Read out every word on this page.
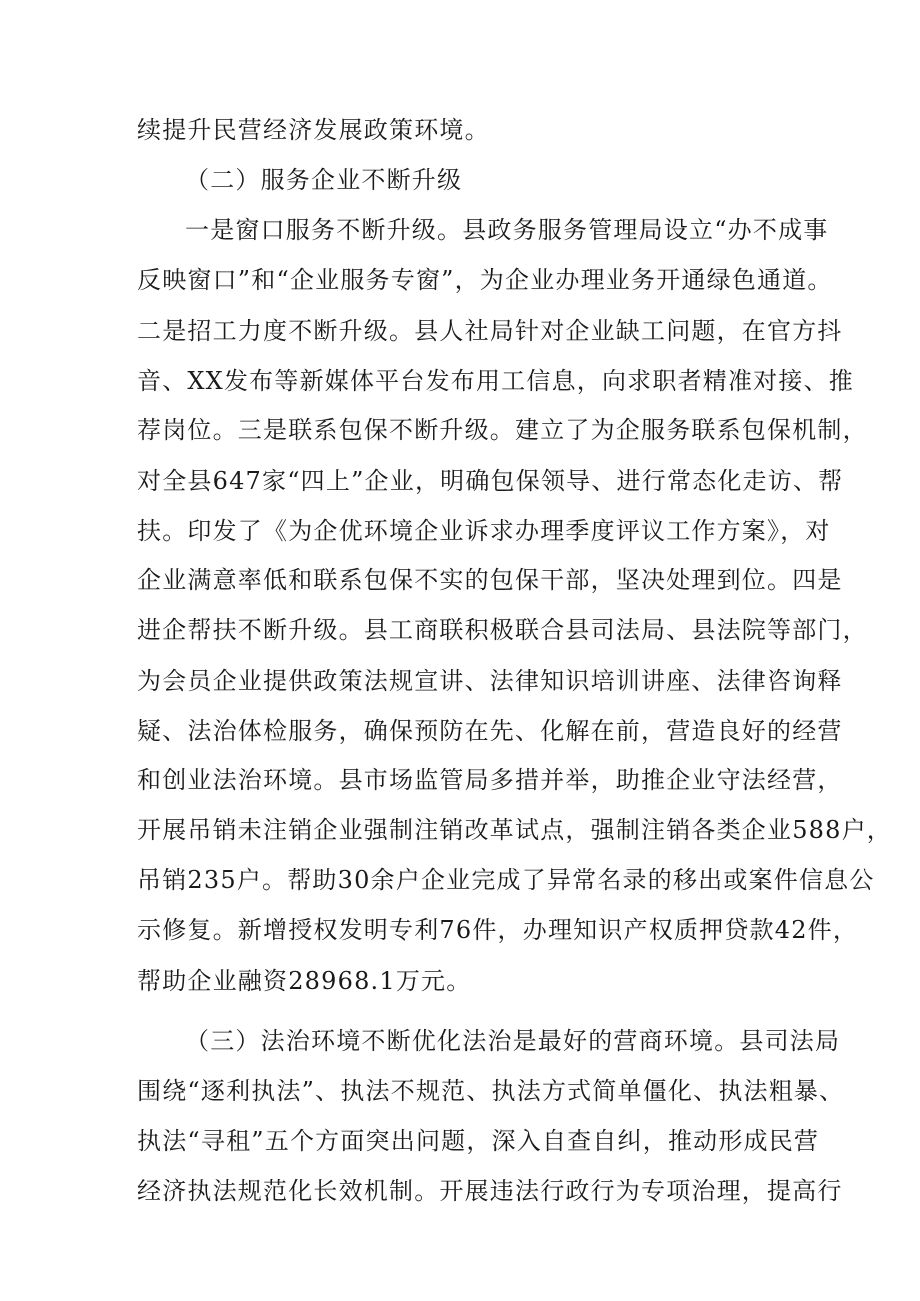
续提升民营经济发展政策环境。
（二）服务企业不断升级
一是窗口服务不断升级。县政务服务管理局设立“办不成事
反映窗口”和“企业服务专窗”，为企业办理业务开通绿色通道。
二是招工力度不断升级。县人社局针对企业缺工问题，在官方抖
音、XX发布等新媒体平台发布用工信息，向求职者精准对接、推
荐岗位。三是联系包保不断升级。建立了为企服务联系包保机制，
对全县647家“四上”企业，明确包保领导、进行常态化走访、帮
扶。印发了《为企优环境企业诉求办理季度评议工作方案》，对
企业满意率低和联系包保不实的包保干部，坚决处理到位。四是
进企帮扶不断升级。县工商联积极联合县司法局、县法院等部门，
为会员企业提供政策法规宣讲、法律知识培训讲座、法律咨询释
疑、法治体检服务，确保预防在先、化解在前，营造良好的经营
和创业法治环境。县市场监管局多措并举，助推企业守法经营，
开展吊销未注销企业强制注销改革试点，强制注销各类企业588户，
吊销235户。帮助30余户企业完成了异常名录的移出或案件信息公
示修复。新增授权发明专利76件，办理知识产权质押贷款42件，
帮助企业融资28968.1万元。
（三）法治环境不断优化法治是最好的营商环境。县司法局
围绕“逐利执法”、执法不规范、执法方式简单僵化、执法粗暴、
执法“寻租”五个方面突出问题，深入自查自纠，推动形成民营
经济执法规范化长效机制。开展违法行政行为专项治理，提高行
